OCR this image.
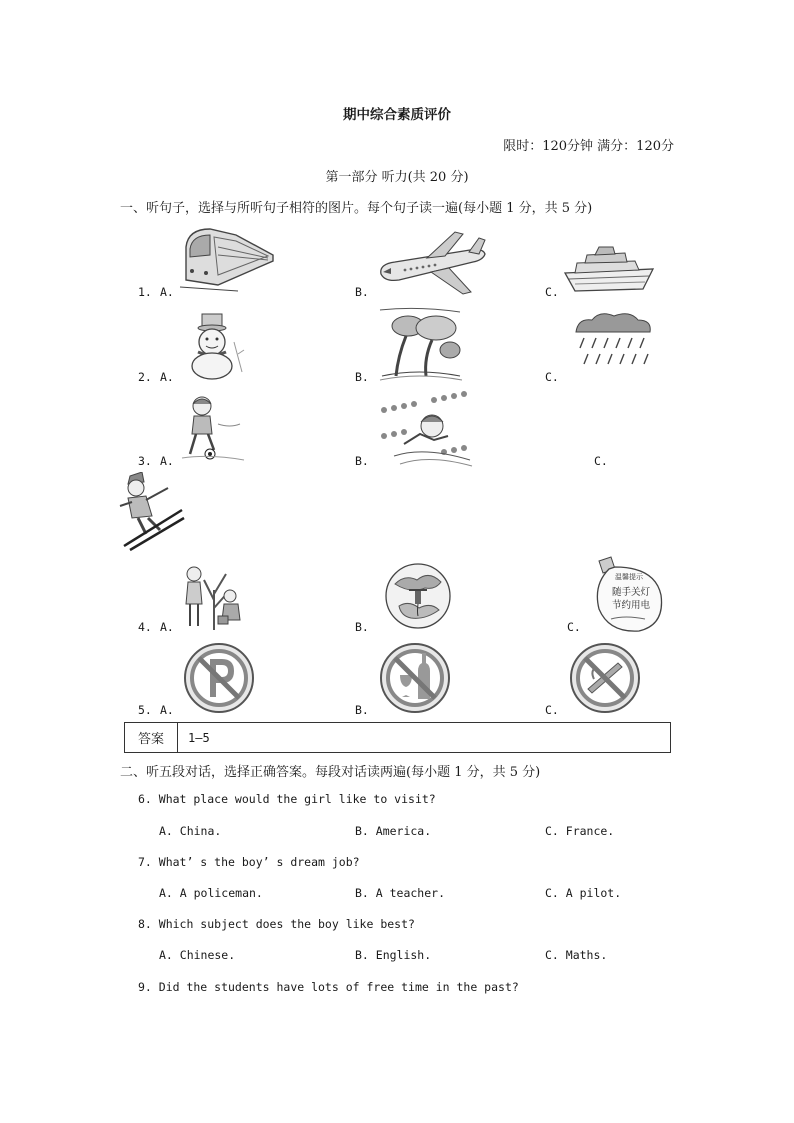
期中综合素质评价
限时：120分钟 满分：120分
第一部分 听力(共 20 分)
一、听句子，选择与所听句子相符的图片。每个句子读一遍(每小题 1 分，共 5 分)
1. A.	B.	C.
2. A.	B.	C.
3. A.	B.	C.
4. A.	B.	C.
温馨提示
随手关灯
节约用电
5. A.	B.	C.
答案	1—5
二、听五段对话，选择正确答案。每段对话读两遍(每小题 1 分，共 5 分)
6. What place would the girl like to visit?
A. China.	B. America.	C. France.
7. What’ s the boy’ s dream job?
A. A policeman.	B. A teacher.	C. A pilot.
8. Which subject does the boy like best?
A. Chinese.	B. English.	C. Maths.
9. Did the students have lots of free time in the past?
